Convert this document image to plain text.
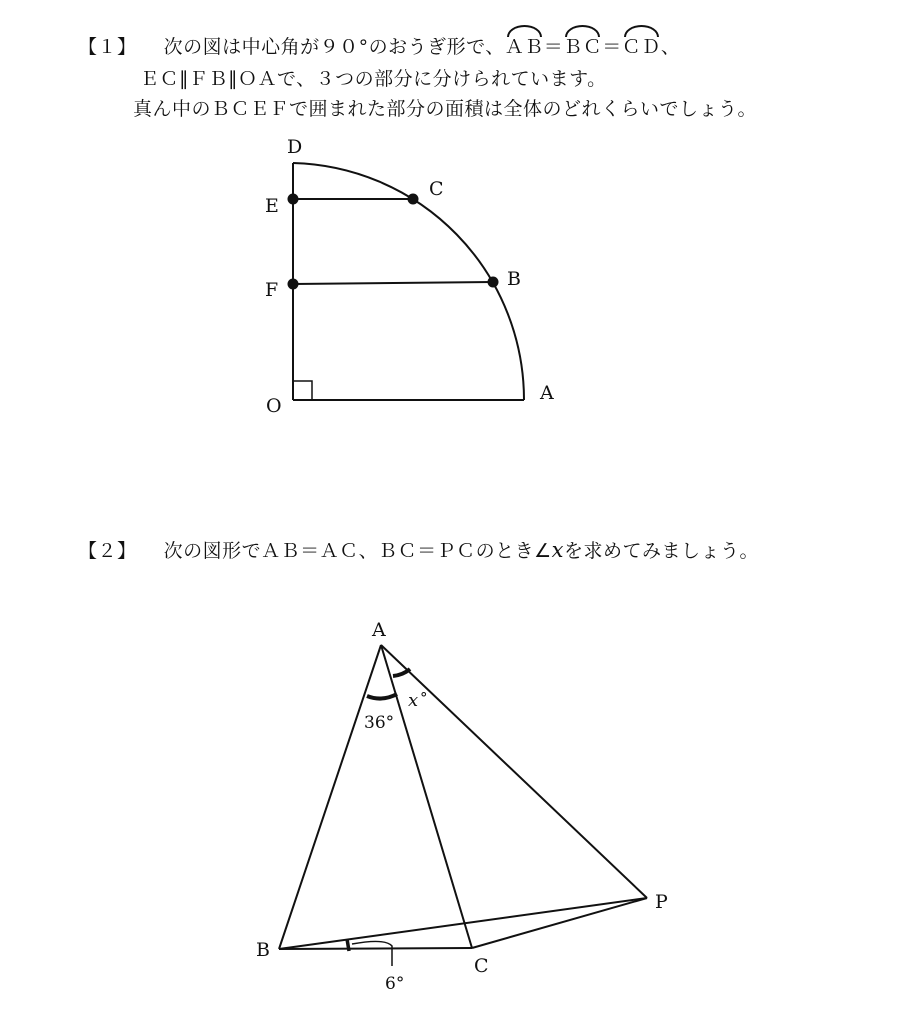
【１】 次の図は中心角が９０°のおうぎ形で、ＡＢ＝ＢＣ＝ＣＤ、
ＥＣ∥ＦＢ∥ＯＡで、３つの部分に分けられています。
真ん中のＢＣＥＦで囲まれた部分の面積は全体のどれくらいでしょう。
D
C
E
B
F
O
A
【２】 次の図形でＡＢ＝ＡＣ、ＢＣ＝ＰＣのとき∠xを求めてみましょう。
A
B
C
P
36°
x °
6°
